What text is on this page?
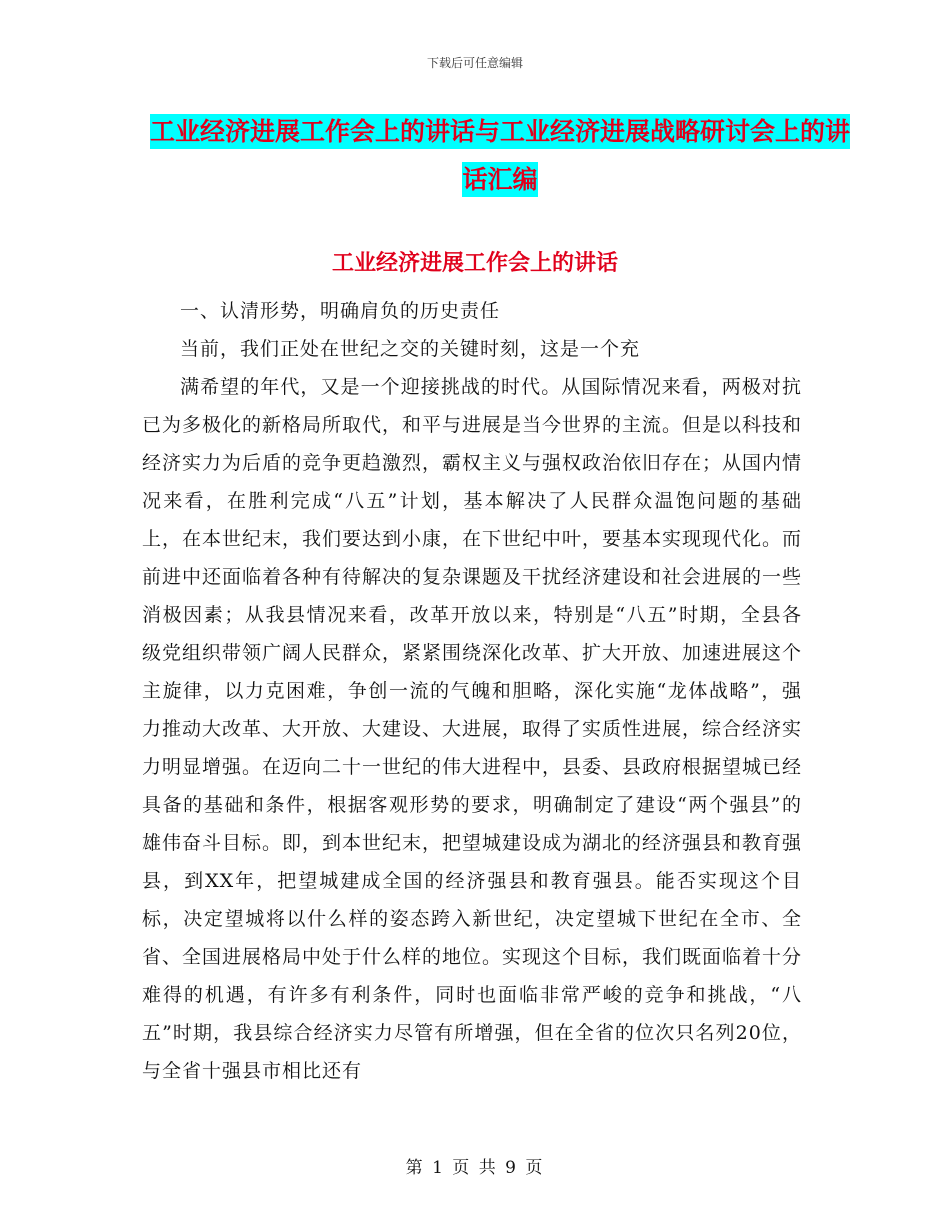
下载后可任意编辑
工业经济进展工作会上的讲话与工业经济进展战略研讨会上的讲话汇编
工业经济进展工作会上的讲话

一、认清形势，明确肩负的历史责任

当前，我们正处在世纪之交的关键时刻，这是一个充

满希望的年代，又是一个迎接挑战的时代。从国际情况来看，两极对抗已为多极化的新格局所取代，和平与进展是当今世界的主流。但是以科技和经济实力为后盾的竞争更趋激烈，霸权主义与强权政治依旧存在；从国内情况来看，在胜利完成“八五”计划，基本解决了人民群众温饱问题的基础上，在本世纪末，我们要达到小康，在下世纪中叶，要基本实现现代化。而前进中还面临着各种有待解决的复杂课题及干扰经济建设和社会进展的一些消极因素；从我县情况来看，改革开放以来，特别是“八五”时期，全县各级党组织带领广阔人民群众，紧紧围绕深化改革、扩大开放、加速进展这个主旋律，以力克困难，争创一流的气魄和胆略，深化实施“龙体战略”，强力推动大改革、大开放、大建设、大进展，取得了实质性进展，综合经济实力明显增强。在迈向二十一世纪的伟大进程中，县委、县政府根据望城已经具备的基础和条件，根据客观形势的要求，明确制定了建设“两个强县”的雄伟奋斗目标。即，到本世纪末，把望城建设成为湖北的经济强县和教育强县，到XX年，把望城建成全国的经济强县和教育强县。能否实现这个目标，决定望城将以什么样的姿态跨入新世纪，决定望城下世纪在全市、全省、全国进展格局中处于什么样的地位。实现这个目标，我们既面临着十分难得的机遇，有许多有利条件，同时也面临非常严峻的竞争和挑战，“八五”时期，我县综合经济实力尽管有所增强，但在全省的位次只名列20位，与全省十强县市相比还有

第 1 页 共 9 页
